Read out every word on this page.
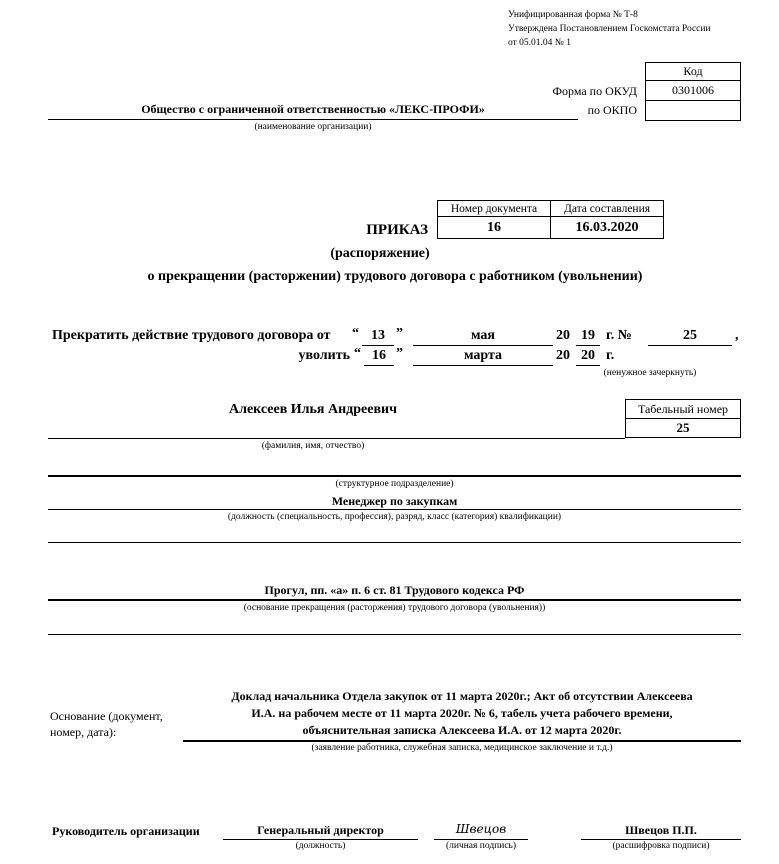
Унифицированная форма № Т-8
Утверждена Постановлением Госкомстата России
от 05.01.04 № 1
Код
0301006

Форма по ОКУД
по ОКПО
Общество с ограниченной ответственностью «ЛЕКС-ПРОФИ»
(наименование организации)
Номер документа	Дата составления
16	16.03.2020
ПРИКАЗ
(распоряжение)
о прекращении (расторжении) трудового договора с работником (увольнении)
Прекратить действие трудового договора от “ 13 ”	мая	20 19 г. №	25	,
уволить “ 16 ”	марта	20 20 г.
(ненужное зачеркнуть)
Алексеев Илья Андреевич	Табельный номер
25
(фамилия, имя, отчество)
(структурное подразделение)
Менеджер по закупкам
(должность (специальность, профессия), разряд, класс (категория) квалификации)
Прогул, пп. «а» п. 6 ст. 81 Трудового кодекса РФ
(основание прекращения (расторжения) трудового договора (увольнения))
Основание (документ,
номер, дата):
Доклад начальника Отдела закупок от 11 марта 2020г.; Акт об отсутствии Алексеева
И.А. на рабочем месте от 11 марта 2020г. № 6, табель учета рабочего времени,
объяснительная записка Алексеева И.А. от 12 марта 2020г.
(заявление работника, служебная записка, медицинское заключение и т.д.)
Руководитель организации	Генеральный директор
(должность)
Швецов
(личная подпись)
Швецов П.П.
(расшифровка подписи)
